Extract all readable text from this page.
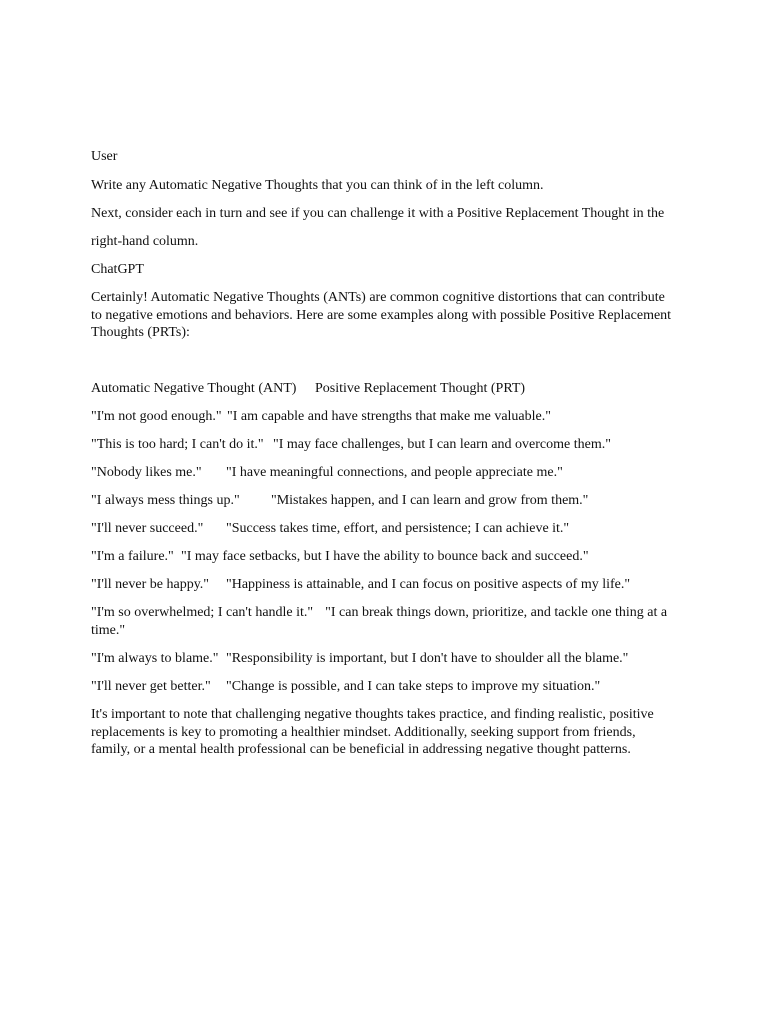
User
Write any Automatic Negative Thoughts that you can think of in the left column.
Next, consider each in turn and see if you can challenge it with a Positive Replacement Thought in the
right-hand column.
ChatGPT
Certainly! Automatic Negative Thoughts (ANTs) are common cognitive distortions that can contribute to negative emotions and behaviors. Here are some examples along with possible Positive Replacement Thoughts (PRTs):
Automatic Negative Thought (ANT) Positive Replacement Thought (PRT)
"I'm not good enough." "I am capable and have strengths that make me valuable."
"This is too hard; I can't do it." "I may face challenges, but I can learn and overcome them."
"Nobody likes me." "I have meaningful connections, and people appreciate me."
"I always mess things up." "Mistakes happen, and I can learn and grow from them."
"I'll never succeed." "Success takes time, effort, and persistence; I can achieve it."
"I'm a failure." "I may face setbacks, but I have the ability to bounce back and succeed."
"I'll never be happy." "Happiness is attainable, and I can focus on positive aspects of my life."
"I'm so overwhelmed; I can't handle it." "I can break things down, prioritize, and tackle one thing at a time."
"I'm always to blame." "Responsibility is important, but I don't have to shoulder all the blame."
"I'll never get better." "Change is possible, and I can take steps to improve my situation."
It's important to note that challenging negative thoughts takes practice, and finding realistic, positive replacements is key to promoting a healthier mindset. Additionally, seeking support from friends, family, or a mental health professional can be beneficial in addressing negative thought patterns.
